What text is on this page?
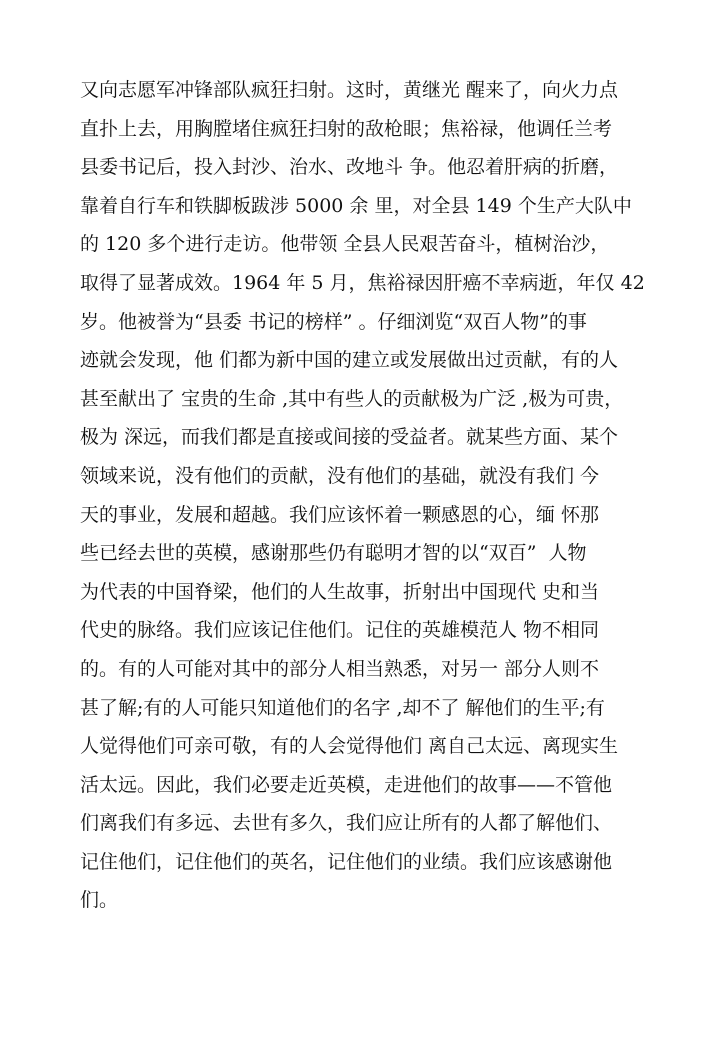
又向志愿军冲锋部队疯狂扫射。这时，黄继光 醒来了，向火力点
直扑上去，用胸膛堵住疯狂扫射的敌枪眼；焦裕禄，他调任兰考
县委书记后，投入封沙、治水、改地斗 争。他忍着肝病的折磨，
靠着自行车和铁脚板跋涉 5000 余 里，对全县 149 个生产大队中
的 120 多个进行走访。他带领 全县人民艰苦奋斗，植树治沙，
取得了显著成效。1964 年 5 月，焦裕禄因肝癌不幸病逝，年仅 42
岁。他被誉为“县委 书记的榜样” 。仔细浏览“双百人物”的事
迹就会发现，他 们都为新中国的建立或发展做出过贡献，有的人
甚至献出了 宝贵的生命 ,其中有些人的贡献极为广泛 ,极为可贵，
极为 深远，而我们都是直接或间接的受益者。就某些方面、某个
领域来说，没有他们的贡献，没有他们的基础，就没有我们 今
天的事业，发展和超越。我们应该怀着一颗感恩的心，缅 怀那
些已经去世的英模，感谢那些仍有聪明才智的以“双百”  人物
为代表的中国脊梁，他们的人生故事，折射出中国现代 史和当
代史的脉络。我们应该记住他们。记住的英雄模范人 物不相同
的。有的人可能对其中的部分人相当熟悉，对另一 部分人则不
甚了解;有的人可能只知道他们的名字 ,却不了 解他们的生平;有
人觉得他们可亲可敬，有的人会觉得他们 离自己太远、离现实生
活太远。因此，我们必要走近英模，走进他们的故事——不管他
们离我们有多远、去世有多久，我们应让所有的人都了解他们、
记住他们，记住他们的英名，记住他们的业绩。我们应该感谢他
们。
